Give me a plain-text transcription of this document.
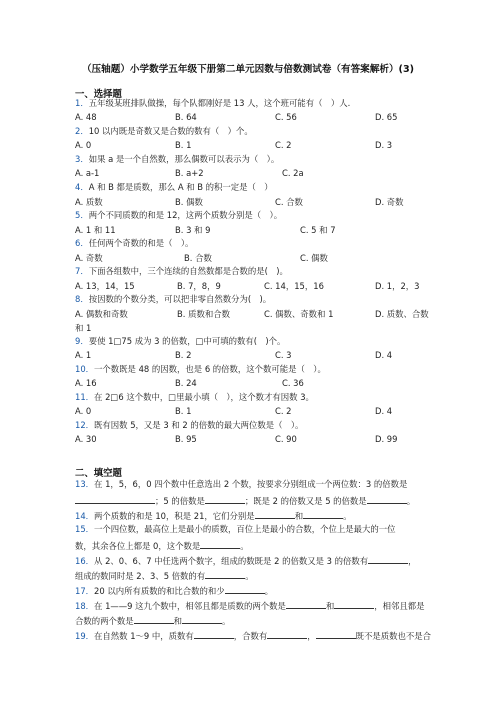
（压轴题）小学数学五年级下册第二单元因数与倍数测试卷（有答案解析）(3)
一、选择题
1．五年级某班排队做操，每个队都刚好是 13 人，这个班可能有（　）人.
A. 48	B. 64	C. 56	D. 65
2．10 以内既是奇数又是合数的数有（　）个。
A. 0	B. 1	C. 2	D. 3
3．如果 a 是一个自然数，那么偶数可以表示为（　）。
A. a-1	B. a+2	C. 2a
4．A 和 B 都是质数，那么 A 和 B 的积一定是（　）
A. 质数	B. 偶数	C. 合数	D. 奇数
5．两个不同质数的和是 12，这两个质数分别是（　）。
A. 1 和 11	B. 3 和 9	C. 5 和 7
6．任何两个奇数的和是（　）。
A. 奇数	B. 合数	C. 偶数
7．下面各组数中，三个连续的自然数都是合数的是(　)。
A. 13，14，15	B. 7，8，9	C. 14，15，16	D. 1，2，3
8．按因数的个数分类，可以把非零自然数分为(　)。
A. 偶数和奇数	B. 质数和合数	C. 偶数、奇数和 1	D. 质数、合数
和 1
9．要使 1□75 成为 3 的倍数，□中可填的数有(　)个。
A. 1	B. 2	C. 3	D. 4
10．一个数既是 48 的因数，也是 6 的倍数，这个数可能是（　）。
A. 16	B. 24	C. 36
11．在 2□6 这个数中，□里最小填（　），这个数才有因数 3。
A. 0	B. 1	C. 2	D. 4
12．既有因数 5，又是 3 和 2 的倍数的最大两位数是（　）。
A. 30	B. 95	C. 90	D. 99
二、填空题
13．在 1，5，6，0 四个数中任意选出 2 个数，按要求分别组成一个两位数：3 的倍数是
；5 的倍数是	；既是 2 的倍数又是 5 的倍数是	。
14．两个质数的和是 10，积是 21，它们分别是	和	。
15．一个四位数，最高位上是最小的质数，百位上是最小的合数，个位上是最大的一位
数，其余各位上都是 0，这个数是	。
16．从 2、0、6、7 中任选两个数字，组成的数既是 2 的倍数又是 3 的倍数有	，
组成的数同时是 2、3、5 倍数的有	。
17．20 以内所有质数的和比合数的和少	。
18．在 1——9 这九个数中，相邻且都是质数的两个数是	和	，相邻且都是
合数的两个数是	和	。
19．在自然数 1～9 中，质数有	，合数有	，	既不是质数也不是合
